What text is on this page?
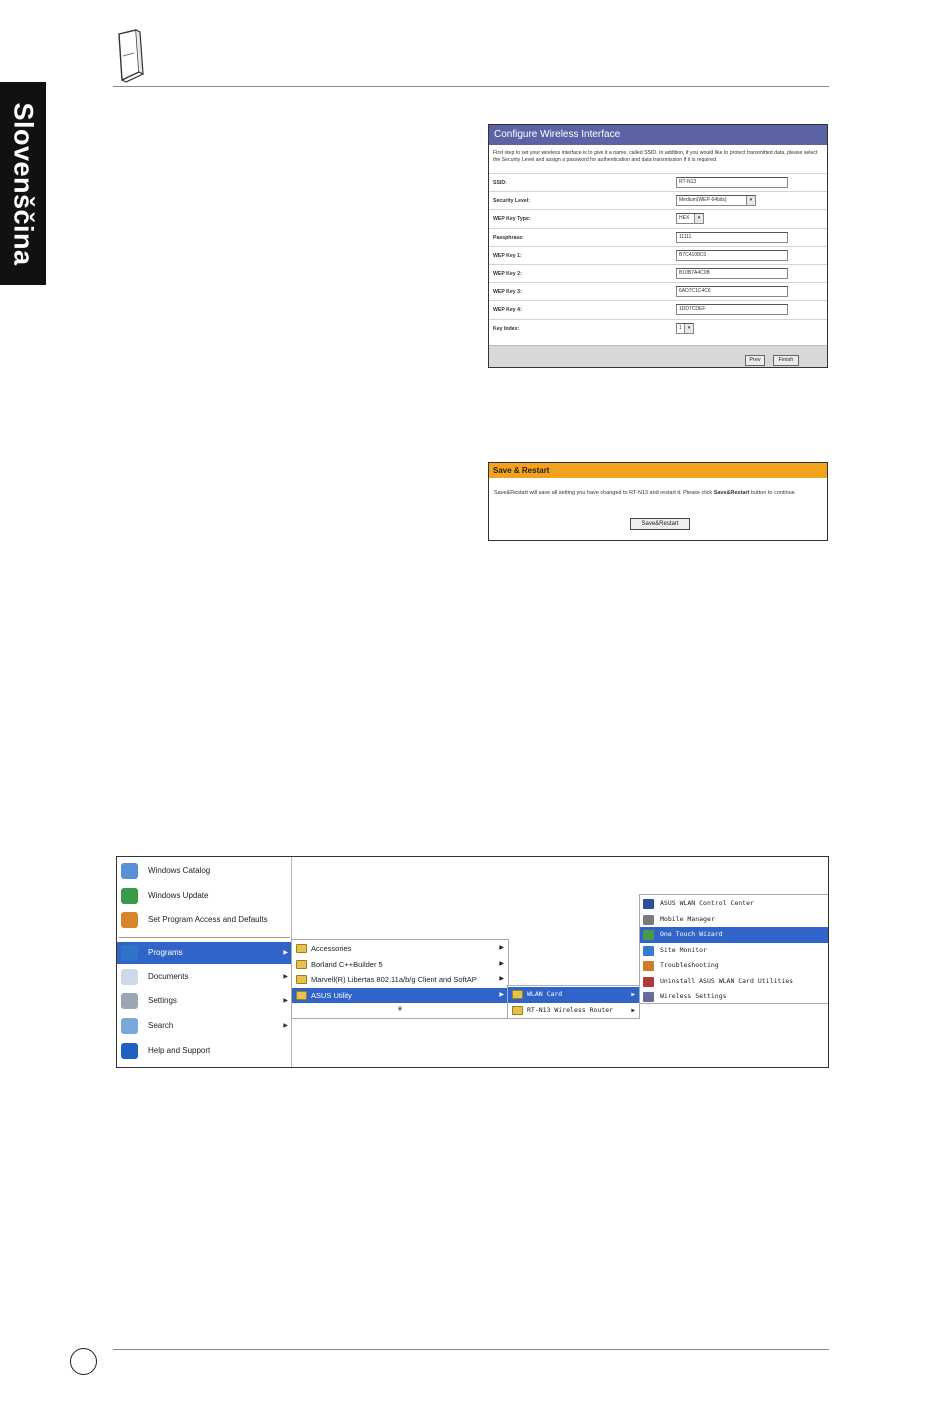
Slovenščina	Configure Wireless Interface
First step to set your wireless interface is to give it a name, called SSID. In addition, if you would like to protect transmitted data, please select the Security Level and assign a password for authentication and data transmission if it is required.
SSID:	RT-N13
Security Level:	Medium(WEP-64bits)	▾
WEP Key Type:	HEX	▾
Passphrase:	11111
WEP Key 1:	B7C4108C0
WEP Key 2:	B10B7A4C0B
WEP Key 3:	6AD7C1C4C6
WEP Key 4:	1DD7CDEF
Key Index:	1	▾
Prev	Finish
Save & Restart
Save&Restart will save all setting you have changed to RT-N13 and restart it. Please click Save&Restart button to continue.
Save&Restart
Windows Catalog
Windows Update
Set Program Access and Defaults
Programs	▶
Documents	▶
Settings	▶
Search	▶
Help and Support
ASUS Utility	▶
Marvell(R) Libertas 802.11a/b/g Client and SoftAP	▶
Borland C++Builder 5	▶
Accessories	▶
¥
WLAN Card	▶
RT-N13 Wireless Router	▶
ASUS WLAN Control Center
Mobile Manager
One Touch Wizard
Site Monitor
Troubleshooting
Uninstall ASUS WLAN Card Utilities
Wireless Settings
